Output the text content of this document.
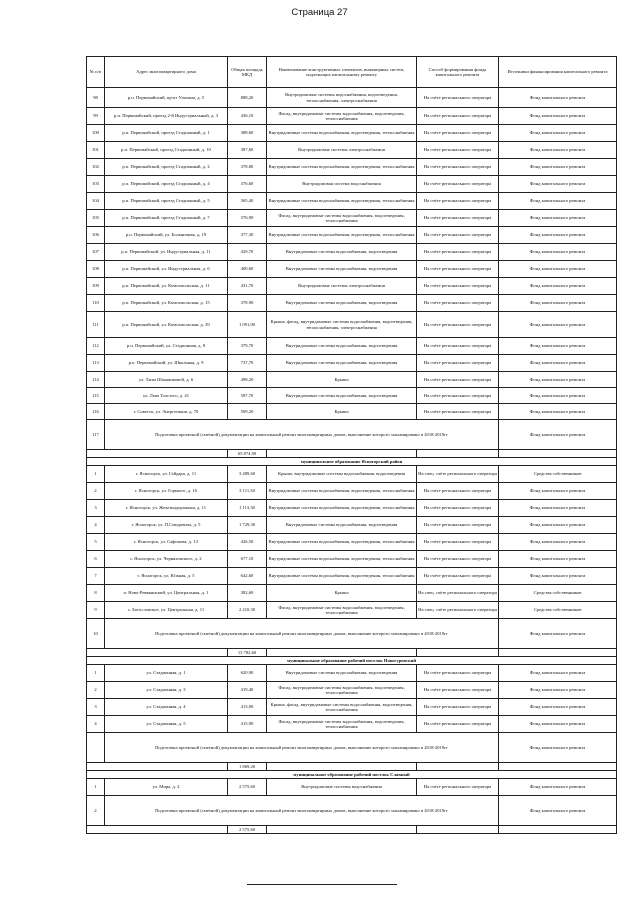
Страница 27
№ п/п	Адрес многоквартирного дома	Общая площадь МКД	Наименование конструктивных элементов, инженерных систем, подлежащих капитальному ремонту	Способ формирования фонда капитального ремонта	Источники финансирования капитального ремонта
98	р.п. Первомайский, пр-кт Улитина, д. 5	888,20	Внутридомовые системы водоснабжения, водоотведения, теплоснабжения, электроснабжения	На счёте регионального оператора	Фонд капитального ремонта
99	р.п. Первомайский, проезд 2-й Индустриальный, д. 3	436,10	Фасад, внутридомовые системы водоснабжения, водоотведения, теплоснабжения	На счёте регионального оператора	Фонд капитального ремонта
100	р.п. Первомайский, проезд Стадионный, д. 1	388,60	Внутридомовые системы водоснабжения, водоотведения, теплоснабжения	На счёте регионального оператора	Фонд капитального ремонта
101	р.п. Первомайский, проезд Стадионный, д. 10	387,60	Внутридомовые системы электроснабжения	На счёте регионального оператора	Фонд капитального ремонта
102	р.п. Первомайский, проезд Стадионный, д. 2	378,80	Внутридомовые системы водоснабжения, водоотведения, теплоснабжения	На счёте регионального оператора	Фонд капитального ремонта
103	р.п. Первомайский, проезд Стадионный, д. 4	376,60	Внутридомовая система водоснабжения	На счёте регионального оператора	Фонд капитального ремонта
104	р.п. Первомайский, проезд Стадионный, д. 5	365,40	Внутридомовые системы водоснабжения, водоотведения, теплоснабжения	На счёте регионального оператора	Фонд капитального ремонта
105	р.п. Первомайский, проезд Стадионный, д. 7	376,90	Фасад, внутридомовые системы водоснабжения, водоотведения, теплоснабжения	На счёте регионального оператора	Фонд капитального ремонта
106	р.п. Первомайский, ул. Больничная, д. 19	377,30	Внутридомовые системы водоснабжения, водоотведения, теплоснабжения	На счёте регионального оператора	Фонд капитального ремонта
107	р.п. Первомайский, ул. Индустриальная, д. 11	429,70	Внутридомовые системы водоснабжения, водоотведения	На счёте регионального оператора	Фонд капитального ремонта
108	р.п. Первомайский, ул. Индустриальная, д. 6	400,60	Внутридомовые системы водоснабжения, водоотведения	На счёте регионального оператора	Фонд капитального ремонта
109	р.п. Первомайский, ул. Комсомольская, д. 11	431,70	Внутридомовые системы электроснабжения	На счёте регионального оператора	Фонд капитального ремонта
110	р.п. Первомайский, ул. Комсомольская, д. 15	378,90	Внутридомовые системы водоснабжения, водоотведения	На счёте регионального оператора	Фонд капитального ремонта
111	р.п. Первомайский, ул. Комсомольская, д. 29	1 091,00	Крыша, фасад, внутридомовые системы водоснабжения, водоотведения, теплоснабжения, электроснабжения	На счёте регионального оператора	Фонд капитального ремонта
112	р.п. Первомайский, ул. Стадионная, д. 8	379,70	Внутридомовые системы водоснабжения, водоотведения	На счёте регионального оператора	Фонд капитального ремонта
113	р.п. Первомайский, ул. Школьная, д. 9	737,70	Внутридомовые системы водоснабжения, водоотведения	На счёте регионального оператора	Фонд капитального ремонта
114	ул. Лизы Шамшиковой, д. 6	498,20	Крыша	На счёте регионального оператора	Фонд капитального ремонта
115	ул. Льва Толстого, д. 41	587,70	Внутридомовые системы водоснабжения, водоотведения	На счёте регионального оператора	Фонд капитального ремонта
116	г. Советск, ул. Энергетиков, д. 70	509,20	Крыша	На счёте регионального оператора	Фонд капитального ремонта
117	Подготовка проектной (сметной) документации на капитальный ремонт многоквартирных домов, выполнение которого запланировано в 2018-2019гг				Фонд капитального ремонта
		65 874,90			
муниципальное образование Ясногорский район					
1	г. Ясногорск, ул. Гайдара, д. 11	3 489,60	Крыша, внутридомовые системы водоснабжения, водоотведения	На спец. счёте регионального оператора	Средства собственников
2	г. Ясногорск, ул. Горького, д. 16	3 111,30	Внутридомовые системы водоснабжения, водоотведения, теплоснабжения	На счёте регионального оператора	Фонд капитального ремонта
3	г. Ясногорск, ул. Железнодорожная, д. 11	1 113,30	Внутридомовые системы водоснабжения, водоотведения, теплоснабжения	На счёте регионального оператора	Фонд капитального ремонта
4	г. Ясногорск, ул. П.Смидовича, д. 5	1 729,30	Внутридомовые системы водоснабжения, водоотведения	На счёте регионального оператора	Фонд капитального ремонта
5	г. Ясногорск, ул. Сафонова, д. 13	426,50	Внутридомовые системы водоснабжения, водоотведения, теплоснабжения	На счёте регионального оператора	Фонд капитального ремонта
6	г. Ясногорск, ул. Черняховского, д. 2	677,10	Внутридомовые системы водоснабжения, водоотведения, теплоснабжения	На счёте регионального оператора	Фонд капитального ремонта
7	г. Ясногорск, ул. Южная, д. 5	642,60	Внутридомовые системы водоснабжения, водоотведения, теплоснабжения	На счёте регионального оператора	Фонд капитального ремонта
8	п. Ново-Ревякинский, ул. Центральная, д. 1	382,60	Крыша	На спец. счёте регионального оператора	Средства собственников
9	с. Богословское, ул. Центральная, д. 11	2 210,30	Фасад, внутридомовые системы водоснабжения, водоотведения, теплоснабжения	На спец. счёте регионального оператора	Средства собственников
10	Подготовка проектной (сметной) документации на капитальный ремонт многоквартирных домов, выполнение которого запланировано в 2018-2019гг				Фонд капитального ремонта
		13 782,60			
муниципальное образование рабочий поселок Новогуровский					
1	ул. Стадионная, д. 1	620,90	Внутридомовые системы водоснабжения, водоотведения	На счёте регионального оператора	Фонд капитального ремонта
2	ул. Стадионная, д. 3	419,40	Фасад, внутридомовые системы водоснабжения, водоотведения, теплоснабжения	На счёте регионального оператора	Фонд капитального ремонта
3	ул. Стадионная, д. 4	413,00	Крыша, фасад, внутридомовые системы водоснабжения, водоотведения, теплоснабжения	На счёте регионального оператора	Фонд капитального ремонта
4	ул. Стадионная, д. 5	415,90	Фасад, внутридомовые системы водоснабжения, водоотведения, теплоснабжения	На счёте регионального оператора	Фонд капитального ремонта
	Подготовка проектной (сметной) документации на капитальный ремонт многоквартирных домов, выполнение которого запланировано в 2018-2019гг				Фонд капитального ремонта
		1 869,20			
муниципальное образование рабочий поселок Славный					
1	ул. Мира, д. 2	2 575,60	Внутридомовые системы водоснабжения	На счёте регионального оператора	Фонд капитального ремонта
2	Подготовка проектной (сметной) документации на капитальный ремонт многоквартирных домов, выполнение которого запланировано в 2018-2019гг				Фонд капитального ремонта
		2 575,60			
